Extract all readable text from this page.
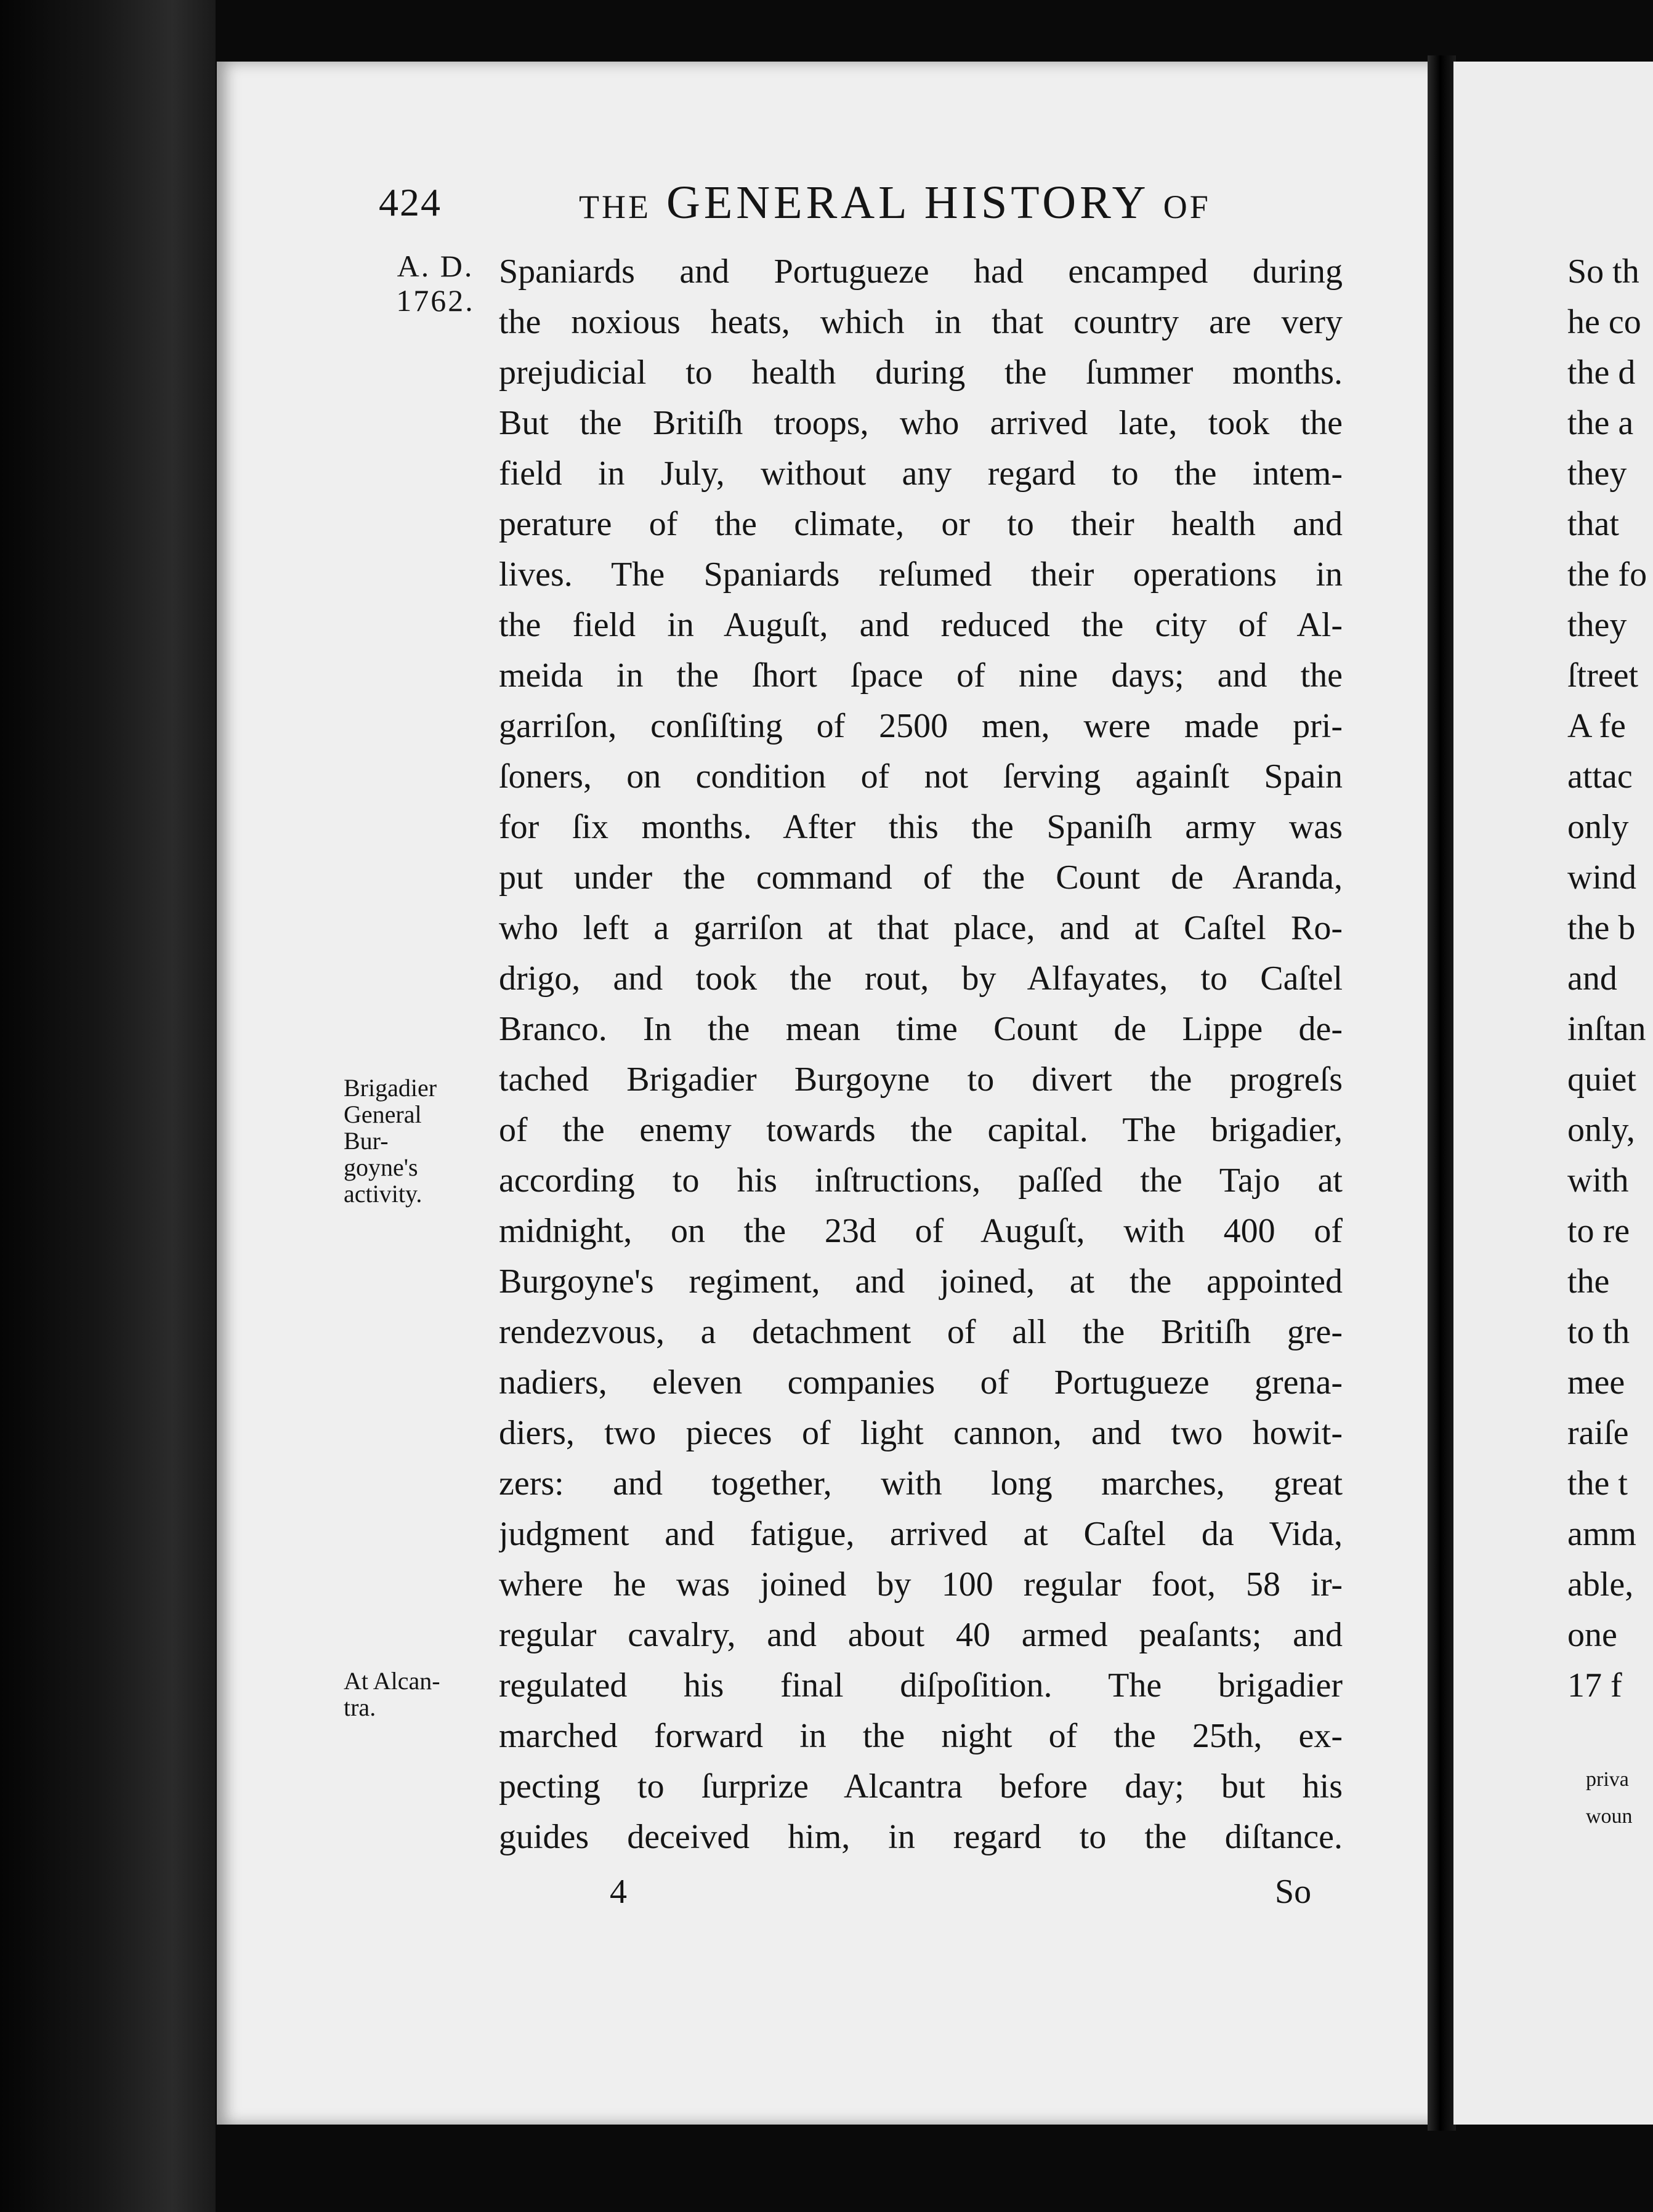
424	THE GENERAL HISTORY OF
A. D.
1762.
Spaniards and Portugueze had encamped during
the noxious heats, which in that country are very
prejudicial to health during the ſummer months.
But the Britiſh troops, who arrived late, took the
field in July, without any regard to the intem-
perature of the climate, or to their health and
lives. The Spaniards reſumed their operations in
the field in Auguſt, and reduced the city of Al-
meida in the ſhort ſpace of nine days; and the
garriſon, conſiſting of 2500 men, were made pri-
ſoners, on condition of not ſerving againſt Spain
for ſix months. After this the Spaniſh army was
put under the command of the Count de Aranda,
who left a garriſon at that place, and at Caſtel Ro-
drigo, and took the rout, by Alfayates, to Caſtel
Branco. In the mean time Count de Lippe de-
tached Brigadier Burgoyne to divert the progreſs
of the enemy towards the capital. The brigadier,
according to his inſtructions, paſſed the Tajo at
midnight, on the 23d of Auguſt, with 400 of
Burgoyne's regiment, and joined, at the appointed
rendezvous, a detachment of all the Britiſh gre-
nadiers, eleven companies of Portugueze grena-
diers, two pieces of light cannon, and two howit-
zers: and together, with long marches, great
judgment and fatigue, arrived at Caſtel da Vida,
where he was joined by 100 regular foot, 58 ir-
regular cavalry, and about 40 armed peaſants; and
regulated his final diſpoſition. The brigadier
marched forward in the night of the 25th, ex-
pecting to ſurprize Alcantra before day; but his
guides deceived him, in regard to the diſtance.
Brigadier
General
Bur-
goyne's
activity.
At Alcan-
tra.
4	So
So th
he co
the d
the a
they
that
the fo
they
ſtreet
A fe
attac
only
wind
the b
and
inſtan
quiet
only,
with
to re
the
to th
mee
raiſe
the t
amm
able,
one
17 f
priva
woun
